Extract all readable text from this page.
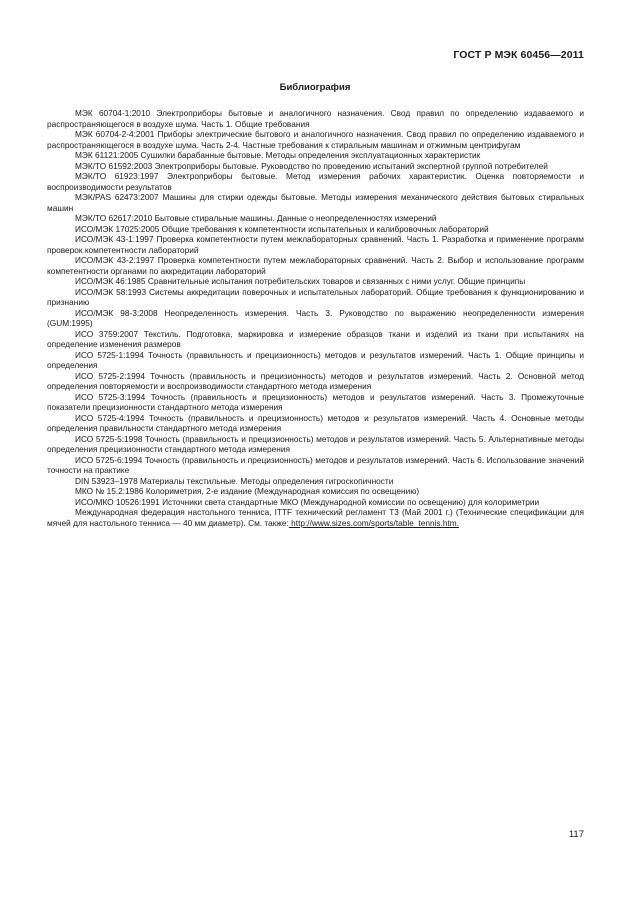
ГОСТ Р МЭК 60456—2011
Библиография
МЭК 60704-1:2010 Электроприборы бытовые и аналогичного назначения. Свод правил по определению издаваемого и распространяющегося в воздухе шума. Часть 1. Общие требования
МЭК 60704-2-4:2001 Приборы электрические бытового и аналогичного назначения. Свод правил по определению издаваемого и распространяющегося в воздухе шума. Часть 2-4. Частные требования к стиральным машинам и отжимным центрифугам
МЭК 61121:2005 Сушилки барабанные бытовые. Методы определения эксплуатационных характеристик
МЭК/ТО 61592:2003 Электроприборы бытовые. Руководство по проведению испытаний экспертной группой потребителей
МЭК/ТО 61923:1997 Электроприборы бытовые. Метод измерения рабочих характеристик. Оценка повторяемости и воспроизводимости результатов
МЭК/PAS 62473:2007 Машины для стирки одежды бытовые. Методы измерения механического действия бытовых стиральных машин
МЭК/ТО 62617:2010 Бытовые стиральные машины. Данные о неопределенностях измерений
ИСО/МЭК 17025:2005 Общие требования к компетентности испытательных и калибровочных лабораторий
ИСО/МЭК 43-1:1997 Проверка компетентности путем межлабораторных сравнений. Часть 1. Разработка и применение программ проверок компетентности лабораторий
ИСО/МЭК 43-2:1997 Проверка компетентности путем межлабораторных сравнений. Часть 2. Выбор и использование программ компетентности органами по аккредитации лабораторий
ИСО/МЭК 46:1985 Сравнительные испытания потребительских товаров и связанных с ними услуг. Общие принципы
ИСО/МЭК 58:1993 Системы аккредитации поверочных и испытательных лабораторий. Общие требования к функционированию и признанию
ИСО/МЭК 98-3:2008 Неопределенность измерения. Часть 3. Руководство по выражению неопределенности измерения (GUM:1995)
ИСО 3759:2007 Текстиль. Подготовка, маркировка и измерение образцов ткани и изделий из ткани при испытаниях на определение изменения размеров
ИСО 5725-1:1994 Точность (правильность и прецизионность) методов и результатов измерений. Часть 1. Общие принципы и определения
ИСО 5725-2:1994 Точность (правильность и прецизионность) методов и результатов измерений. Часть 2. Основной метод определения повторяемости и воспроизводимости стандартного метода измерения
ИСО 5725-3:1994 Точность (правильность и прецизионность) методов и результатов измерений. Часть 3. Промежуточные показатели прецизионности стандартного метода измерения
ИСО 5725-4:1994 Точность (правильность и прецизионность) методов и результатов измерений. Часть 4. Основные методы определения правильности стандартного метода измерения
ИСО 5725-5:1998 Точность (правильность и прецизионность) методов и результатов измерений. Часть 5. Альтернативные методы определения прецизионности стандартного метода измерения
ИСО 5725-6:1994 Точность (правильность и прецизионность) методов и результатов измерений. Часть 6. Использование значений точности на практике
DIN 53923–1978 Материалы текстильные. Методы определения гигроскопичности
МКО № 15.2:1986 Колориметрия, 2-е издание (Международная комиссия по освещению)
ИСО/МКО 10526:1991 Источники света стандартные МКО (Международной комиссии по освещению) для колориметрии
Международная федерация настольного тенниса, ITTF технический регламент Т3 (Май 2001 г.) (Технические спецификации для мячей для настольного тенниса — 40 мм диаметр). См. также: http://www.sizes.com/sports/table_tennis.htm.
117
